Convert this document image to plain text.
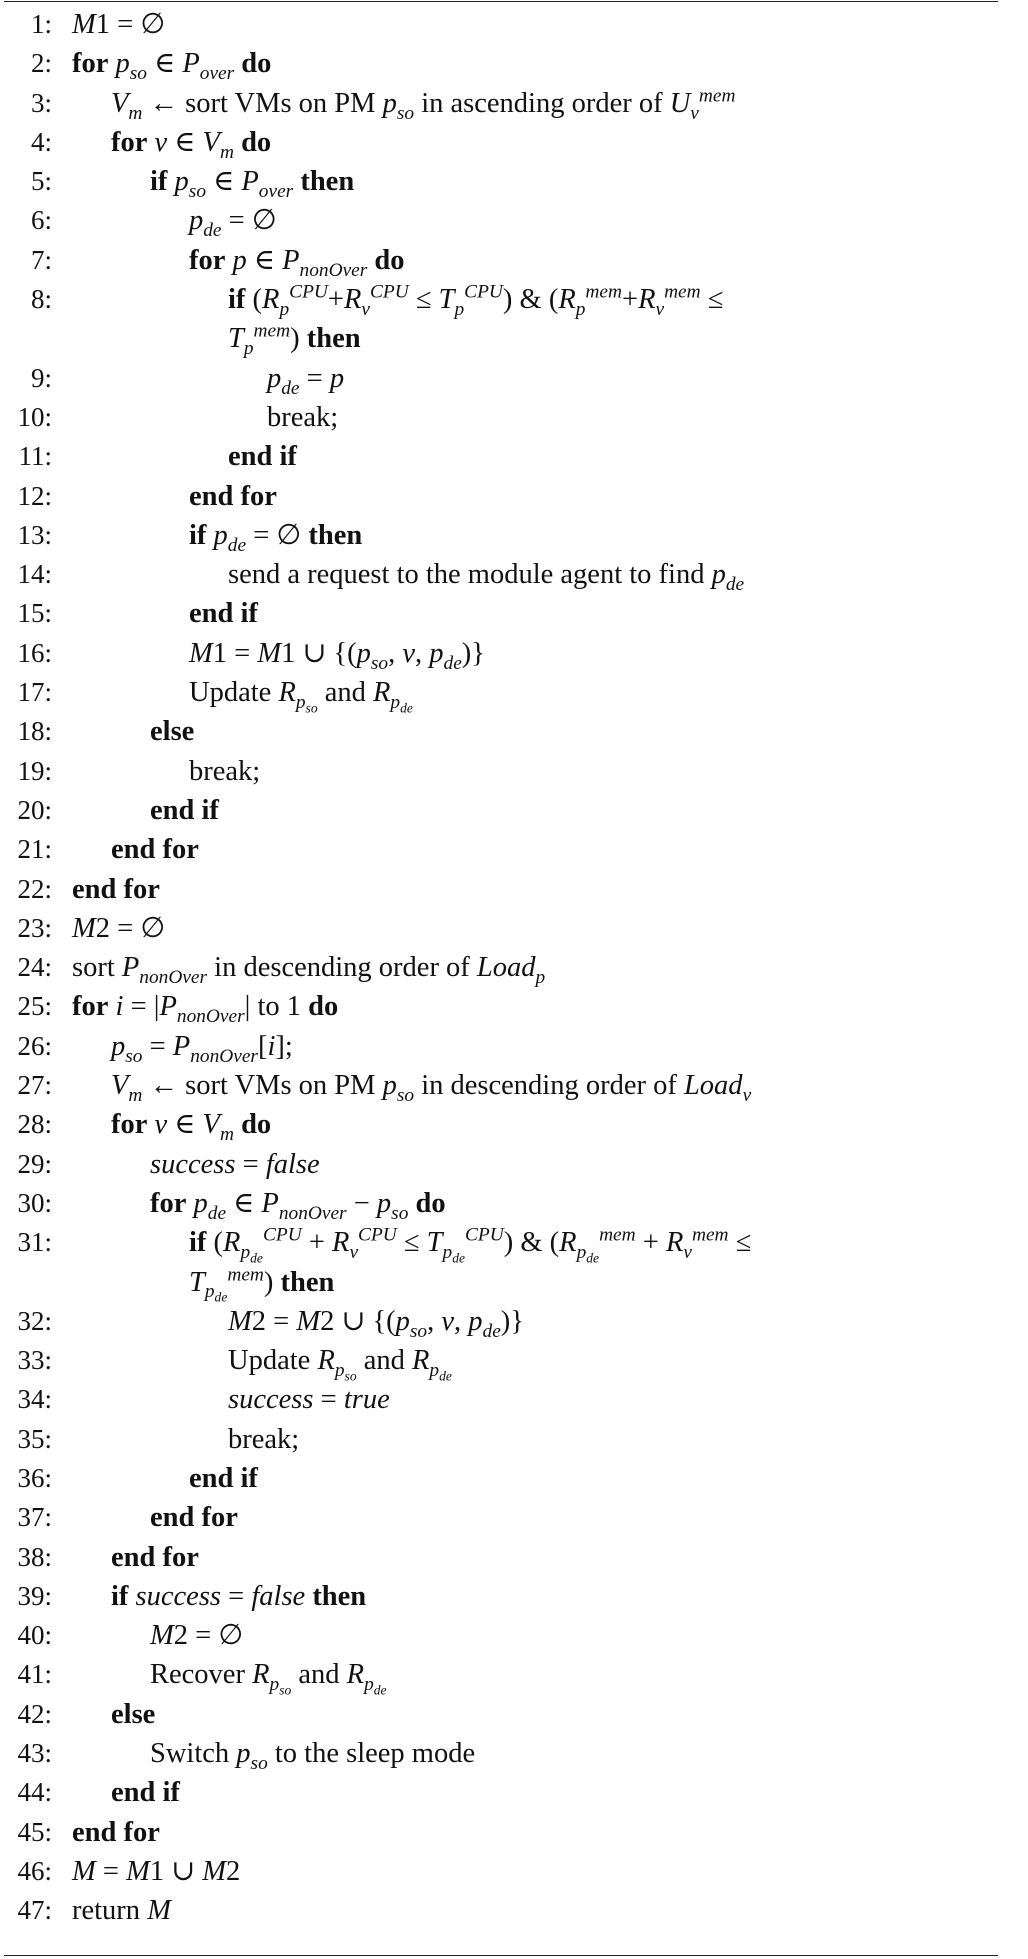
1: M1 = ∅
2: for $p_{so}$ ∈ $P_{over}$ do
3: $V_m$ ← sort VMs on PM $p_{so}$ in ascending order of $U_v^{mem}$
4: for v ∈ $V_m$ do
5:	if $p_{so}$ ∈ $P_{over}$ then
6:	$p_{de}$ = ∅
7:	for p ∈ $P_{nonOver}$ do
8:	if $(R_p^{CPU}+R_v^{CPU} \le T_p^{CPU})$ & ($R_p^{mem}+R_v^{mem}$ ≤
$T_p^{mem}$) then
9:	$p_{de} = p$
10:	break;
11:	end if
12:	end for
13:	if $p_{de}$ = ∅ then
14:	send a request to the module agent to find $p_{de}$
15:	end if
16:	M1 = M1 ∪ {($p_{so}$, v, $p_{de}$)}
17:	Update $R_{p_{so}}$ and $R_{p_{de}}$
18:	else
19:	break;
20:	end if
21: end for
22: end for
23: M2 = ∅
24: sort $P_{nonOver}$ in descending order of Load$_p$
25: for $i = |P_{nonOver}|$ to 1 do
26: $p_{so} = P_{nonOver}[i]$;
27: $V_m$ ← sort VMs on PM $p_{so}$ in descending order of Load$_v$
28: for v ∈ $V_m$ do
29:	success = false
30:	for $p_{de}$ ∈ $P_{nonOver} - p_{so}$ do
31:	if $(R_{p_{de}}^{CPU} + R_v^{CPU} \le T_{p_{de}}^{CPU})$ & ($R_{p_{de}}^{mem} + R_v^{mem}$ ≤
$T_{p_{de}}^{mem}$) then
32:	M2 = M2 ∪ {($p_{so}$, v, $p_{de}$)}
33:	Update $R_{p_{so}}$ and $R_{p_{de}}$
34:	success = true
35:	break;
36:	end if
37:	end for
38: end for
39: if success = false then
40:	M2 = ∅
41:	Recover $R_{p_{so}}$ and $R_{p_{de}}$
42: else
43:	Switch $p_{so}$ to the sleep mode
44: end if
45: end for
46: M = M1 ∪ M2
47: return M
